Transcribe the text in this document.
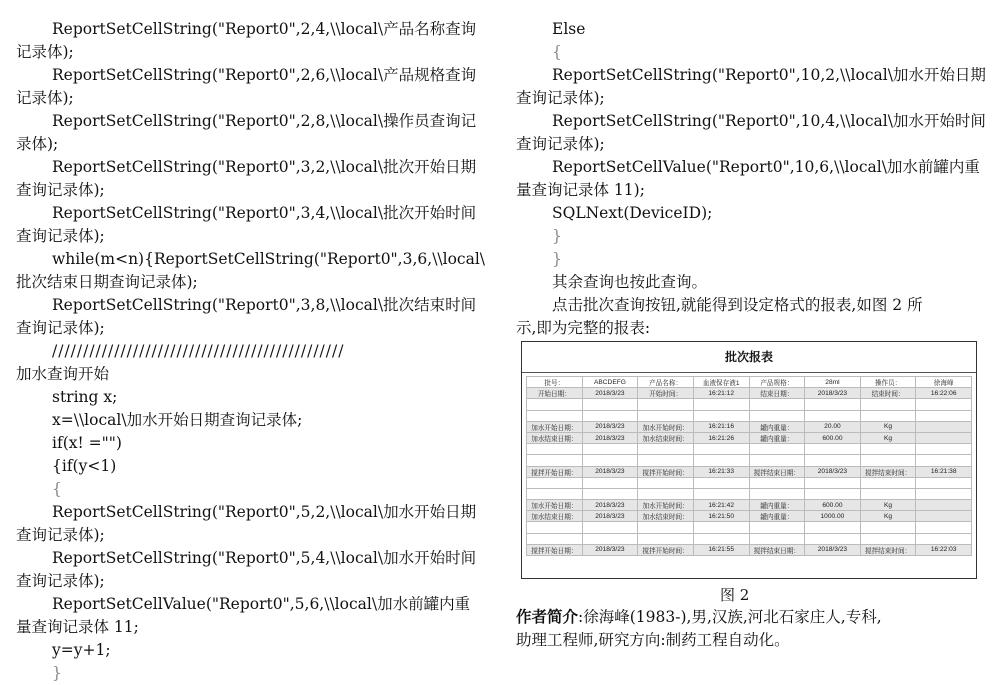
ReportSetCellString("Report0",2,4,\\local\产品名称查询
记录体);
ReportSetCellString("Report0",2,6,\\local\产品规格查询
记录体);
ReportSetCellString("Report0",2,8,\\local\操作员查询记
录体);
ReportSetCellString("Report0",3,2,\\local\批次开始日期
查询记录体);
ReportSetCellString("Report0",3,4,\\local\批次开始时间
查询记录体);
while(m<n){ReportSetCellString("Report0",3,6,\\local\
批次结束日期查询记录体);
ReportSetCellString("Report0",3,8,\\local\批次结束时间
查询记录体);
///////////////////////////////////////////////
加水查询开始
string x;
x=\\local\加水开始日期查询记录体;
if(x! ="")
{if(y<1)
{
ReportSetCellString("Report0",5,2,\\local\加水开始日期
查询记录体);
ReportSetCellString("Report0",5,4,\\local\加水开始时间
查询记录体);
ReportSetCellValue("Report0",5,6,\\local\加水前罐内重
量查询记录体 11;
y=y+1;
}
Else
{
ReportSetCellString("Report0",10,2,\\local\加水开始日期
查询记录体);
ReportSetCellString("Report0",10,4,\\local\加水开始时间
查询记录体);
ReportSetCellValue("Report0",10,6,\\local\加水前罐内重
量查询记录体 11);
SQLNext(DeviceID);
}
}
其余查询也按此查询。
点击批次查询按钮,就能得到设定格式的报表,如图 2 所
示,即为完整的报表:
批次报表
批号：	ABCDEFG	产品名称：	血液保存液1	产品规格：	28ml	操作员：	徐海峰
开始日期：	2018/3/23	开始时间：	16:21:12	结束日期：	2018/3/23	结束时间：	16:22:06

加水开始日期：	2018/3/23	加水开始时间：	16:21:16	罐内重量：	20.00	Kg	
加水结束日期：	2018/3/23	加水结束时间：	16:21:26	罐内重量：	600.00	Kg	

搅拌开始日期：	2018/3/23	搅拌开始时间：	16:21:33	搅拌结束日期：	2018/3/23	搅拌结束时间：	16:21:38

加水开始日期：	2018/3/23	加水开始时间：	16:21:42	罐内重量：	600.00	Kg	
加水结束日期：	2018/3/23	加水结束时间：	16:21:50	罐内重量：	1000.00	Kg	

搅拌开始日期：	2018/3/23	搅拌开始时间：	16:21:55	搅拌结束日期：	2018/3/23	搅拌结束时间：	16:22:03
图 2
作者简介:徐海峰(1983-),男,汉族,河北石家庄人,专科,
助理工程师,研究方向:制药工程自动化。
